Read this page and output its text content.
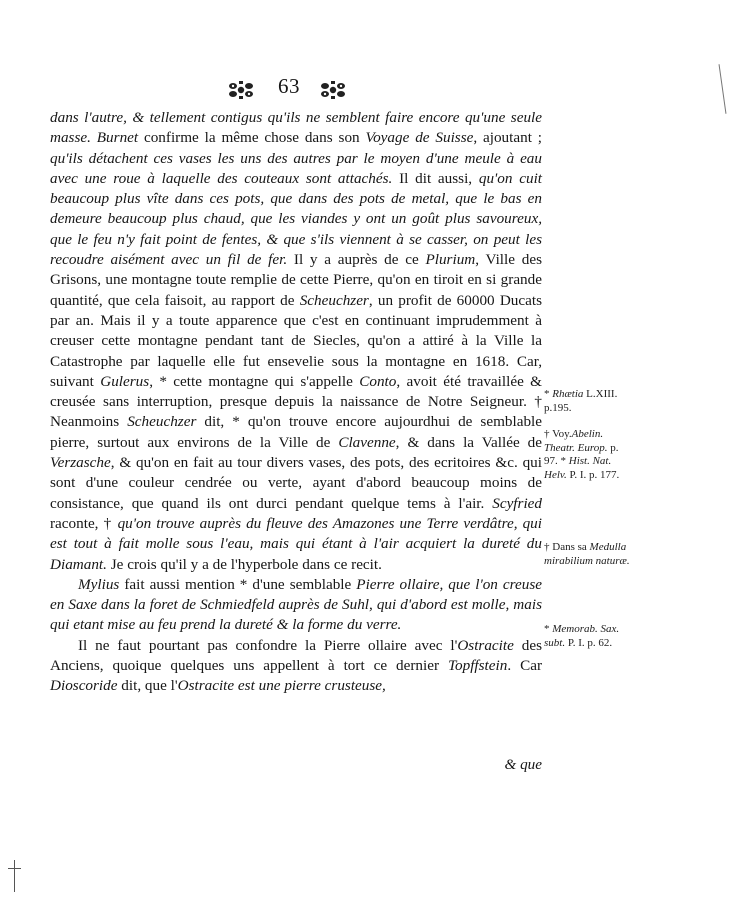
63

dans l'autre, & tellement contigus qu'ils ne semblent faire encore qu'une seule masse. Burnet confirme la même chose dans son Voyage de Suisse, ajoutant ; qu'ils détachent ces vases les uns des autres par le moyen d'une meule à eau avec une roue à laquelle des couteaux sont attachés. Il dit aussi, qu'on cuit beaucoup plus vîte dans ces pots, que dans des pots de metal, que le bas en demeure beaucoup plus chaud, que les viandes y ont un goût plus savoureux, que le feu n'y fait point de fentes, & que s'ils viennent à se casser, on peut les recoudre aisément avec un fil de fer. Il y a auprès de ce Plurium, Ville des Grisons, une montagne toute remplie de cette Pierre, qu'on en tiroit en si grande quantité, que cela faisoit, au rapport de Scheuchzer, un profit de 60000 Ducats par an. Mais il y a toute apparence que c'est en continuant imprudemment à creuser cette montagne pendant tant de Siecles, qu'on a attiré à la Ville la Catastrophe par laquelle elle fut ensevelie sous la montagne en 1618. Car, suivant Gulerus, * cette montagne qui s'appelle Conto, avoit été travaillée & creusée sans interruption, presque depuis la naissance de Notre Seigneur. † Neanmoins Scheuchzer dit, * qu'on trouve encore aujourdhui de semblable pierre, surtout aux environs de la Ville de Clavenne, & dans la Vallée de Verzasche, & qu'on en fait au tour divers vases, des pots, des ecritoires &c. qui sont d'une couleur cendrée ou verte, ayant d'abord beaucoup moins de consistance, que quand ils ont durci pendant quelque tems à l'air. Scyfried raconte, † qu'on trouve auprès du fleuve des Amazones une Terre verdâtre, qui est tout à fait molle sous l'eau, mais qui étant à l'air acquiert la dureté du Diamant. Je crois qu'il y a de l'hyperbole dans ce recit.

Mylius fait aussi mention * d'une semblable Pierre ollaire, que l'on creuse en Saxe dans la foret de Schmiedfeld auprès de Suhl, qui d'abord est molle, mais qui etant mise au feu prend la dureté & la forme du verre.

Il ne faut pourtant pas confondre la Pierre ollaire avec l'Ostracite des Anciens, quoique quelques uns appellent à tort ce dernier Topffstein. Car Dioscoride dit, que l'Ostracite est une pierre crusteuse,

& que
* Rhætia L.XIII. p.195.
† Voy.Abelin. Theatr. Europ. p. 97. * Hist. Nat. Helv. P. I. p. 177.
† Dans sa Medulla mirabilium naturæ.
* Memorab. Sax. subt. P. I. p. 62.
